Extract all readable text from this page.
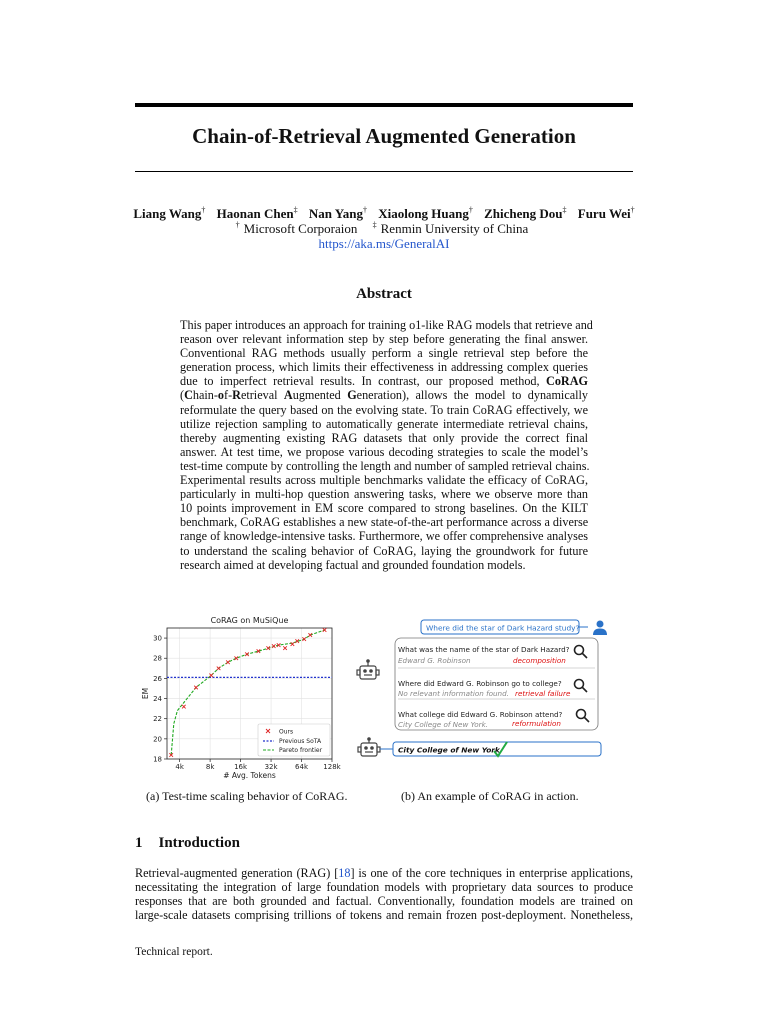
Chain-of-Retrieval Augmented Generation
Liang Wang† Haonan Chen‡ Nan Yang† Xiaolong Huang† Zhicheng Dou‡ Furu Wei†
† Microsoft Corporaion ‡ Renmin University of China
https://aka.ms/GeneralAI
Abstract
This paper introduces an approach for training o1-like RAG models that retrieve and
reason over relevant information step by step before generating the final answer.
Conventional RAG methods usually perform a single retrieval step before the
generation process, which limits their effectiveness in addressing complex queries
due to imperfect retrieval results. In contrast, our proposed method, CoRAG
(Chain-of-Retrieval Augmented Generation), allows the model to dynamically
reformulate the query based on the evolving state. To train CoRAG effectively, we
utilize rejection sampling to automatically generate intermediate retrieval chains,
thereby augmenting existing RAG datasets that only provide the correct final
answer. At test time, we propose various decoding strategies to scale the model’s
test-time compute by controlling the length and number of sampled retrieval chains.
Experimental results across multiple benchmarks validate the efficacy of CoRAG,
particularly in multi-hop question answering tasks, where we observe more than
10 points improvement in EM score compared to strong baselines. On the KILT
benchmark, CoRAG establishes a new state-of-the-art performance across a diverse
range of knowledge-intensive tasks. Furthermore, we offer comprehensive analyses
to understand the scaling behavior of CoRAG, laying the groundwork for future
research aimed at developing factual and grounded foundation models.
18
20
22
24
26
28
30
4k	8k	16k	32k	64k 128k
CoRAG on MuSiQue
# Avg. Tokens
EM
Ours
Previous SoTA
Pareto frontier
Where did the star of Dark Hazard study?
What was the name of the star of Dark Hazard?
Edward G. Robinson	decomposition
Where did Edward G. Robinson go to college?
No relevant information found. retrieval failure
What college did Edward G. Robinson attend?
City College of New York.	reformulation
City College of New York
(a) Test-time scaling behavior of CoRAG.	(b) An example of CoRAG in action.
1 Introduction
Retrieval-augmented generation (RAG) [18] is one of the core techniques in enterprise applications,
necessitating the integration of large foundation models with proprietary data sources to produce
responses that are both grounded and factual. Conventionally, foundation models are trained on
large-scale datasets comprising trillions of tokens and remain frozen post-deployment. Nonetheless,
Technical report.
